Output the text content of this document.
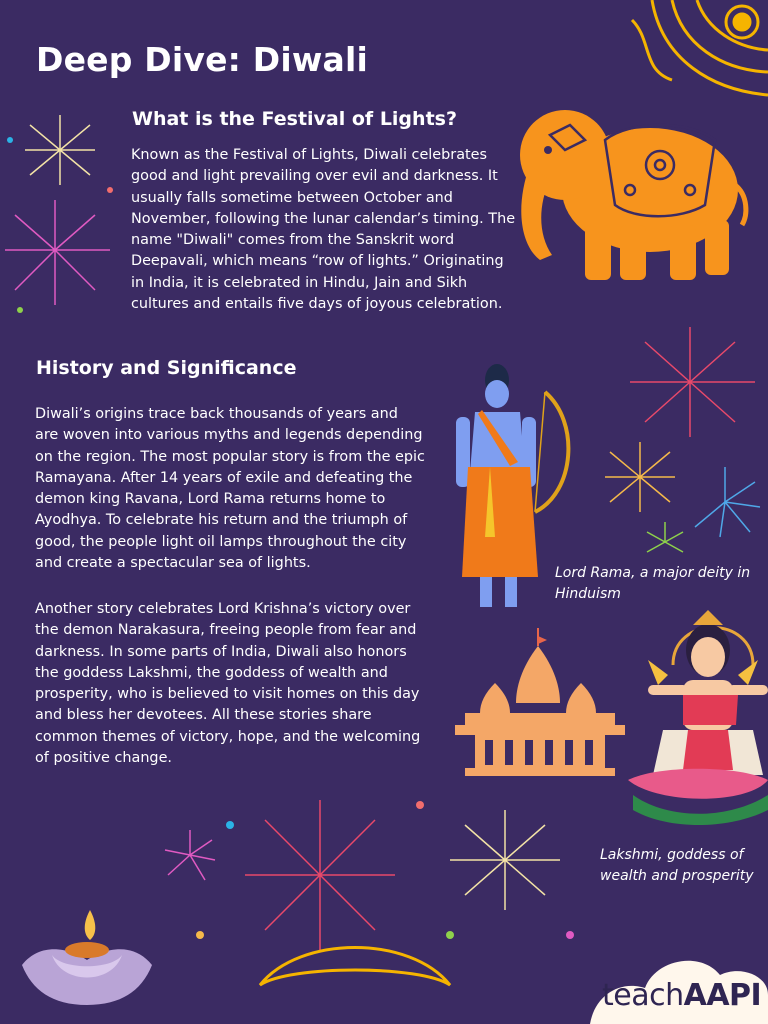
Deep Dive: Diwali
What is the Festival of Lights?
Known as the Festival of Lights, Diwali celebrates good and light prevailing over evil and darkness. It usually falls sometime between October and November, following the lunar calendar’s timing. The name "Diwali" comes from the Sanskrit word Deepavali, which means “row of lights.” Originating in India, it is celebrated in Hindu, Jain and Sikh cultures and entails five days of joyous celebration.
History and Significance
Diwali’s origins trace back thousands of years and are woven into various myths and legends depending on the region. The most popular story is from the epic Ramayana. After 14 years of exile and defeating the demon king Ravana, Lord Rama returns home to Ayodhya. To celebrate his return and the triumph of good, the people light oil lamps throughout the city and create a spectacular sea of lights.
Another story celebrates Lord Krishna’s victory over the demon Narakasura, freeing people from fear and darkness. In some parts of India, Diwali also honors the goddess Lakshmi, the goddess of wealth and prosperity, who is believed to visit homes on this day and bless her devotees. All these stories share common themes of victory, hope, and the welcoming of positive change.
Lord Rama, a major deity in Hinduism
Lakshmi, goddess of wealth and prosperity
teachAAPI
